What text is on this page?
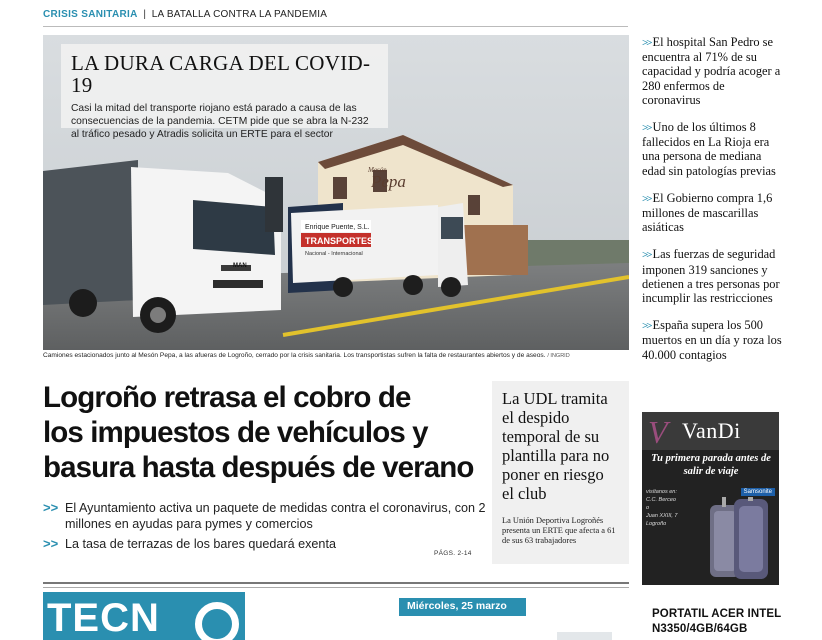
CRISIS SANITARIA | LA BATALLA CONTRA LA PANDEMIA
Mesón
Pepa
Enrique Puente, S.L.
TRANSPORTES
Nacional - Internacional
MAN
LA DURA CARGA DEL COVID-19
Casi la mitad del transporte riojano está parado a causa de las consecuencias de la pandemia. CETM pide que se abra la N-232 al tráfico pesado y Atradis solicita un ERTE para el sector
Camiones estacionados junto al Mesón Pepa, a las afueras de Logroño, cerrado por la crisis sanitaria. Los transportistas sufren la falta de restaurantes abiertos y de aseos. / INGRID
Logroño retrasa el cobro de
los impuestos de vehículos y
basura hasta después de verano
>> El Ayuntamiento activa un paquete de medidas contra el coronavirus, con 2 millones en ayudas para pymes y comercios
>> La tasa de terrazas de los bares quedará exenta
PÁGS. 2-14
La UDL tramita el despido temporal de su plantilla para no poner en riesgo el club
La Unión Deportiva Logroñés presenta un ERTE que afecta a 61 de sus 63 trabajadores
>> El hospital San Pedro se encuentra al 71% de su capacidad y podría acoger a 280 enfermos de coronavirus
>> Uno de los últimos 8 fallecidos en La Rioja era una persona de mediana edad sin patologías previas
>> El Gobierno compra 1,6 millones de mascarillas asiáticas
>> Las fuerzas de seguridad imponen 319 sanciones y detienen a tres personas por incumplir las restricciones
>> España supera los 500 muertos en un día y roza los 40.000 contagios
V VanDi
Tu primera parada antes de salir de viaje
visítanos en:
C.C. Berceo
o
Juan XXIII, 7
Logroño
Samsonite
TECN	Miércoles, 25 marzo
PORTATIL ACER INTEL
N3350/4GB/64GB
